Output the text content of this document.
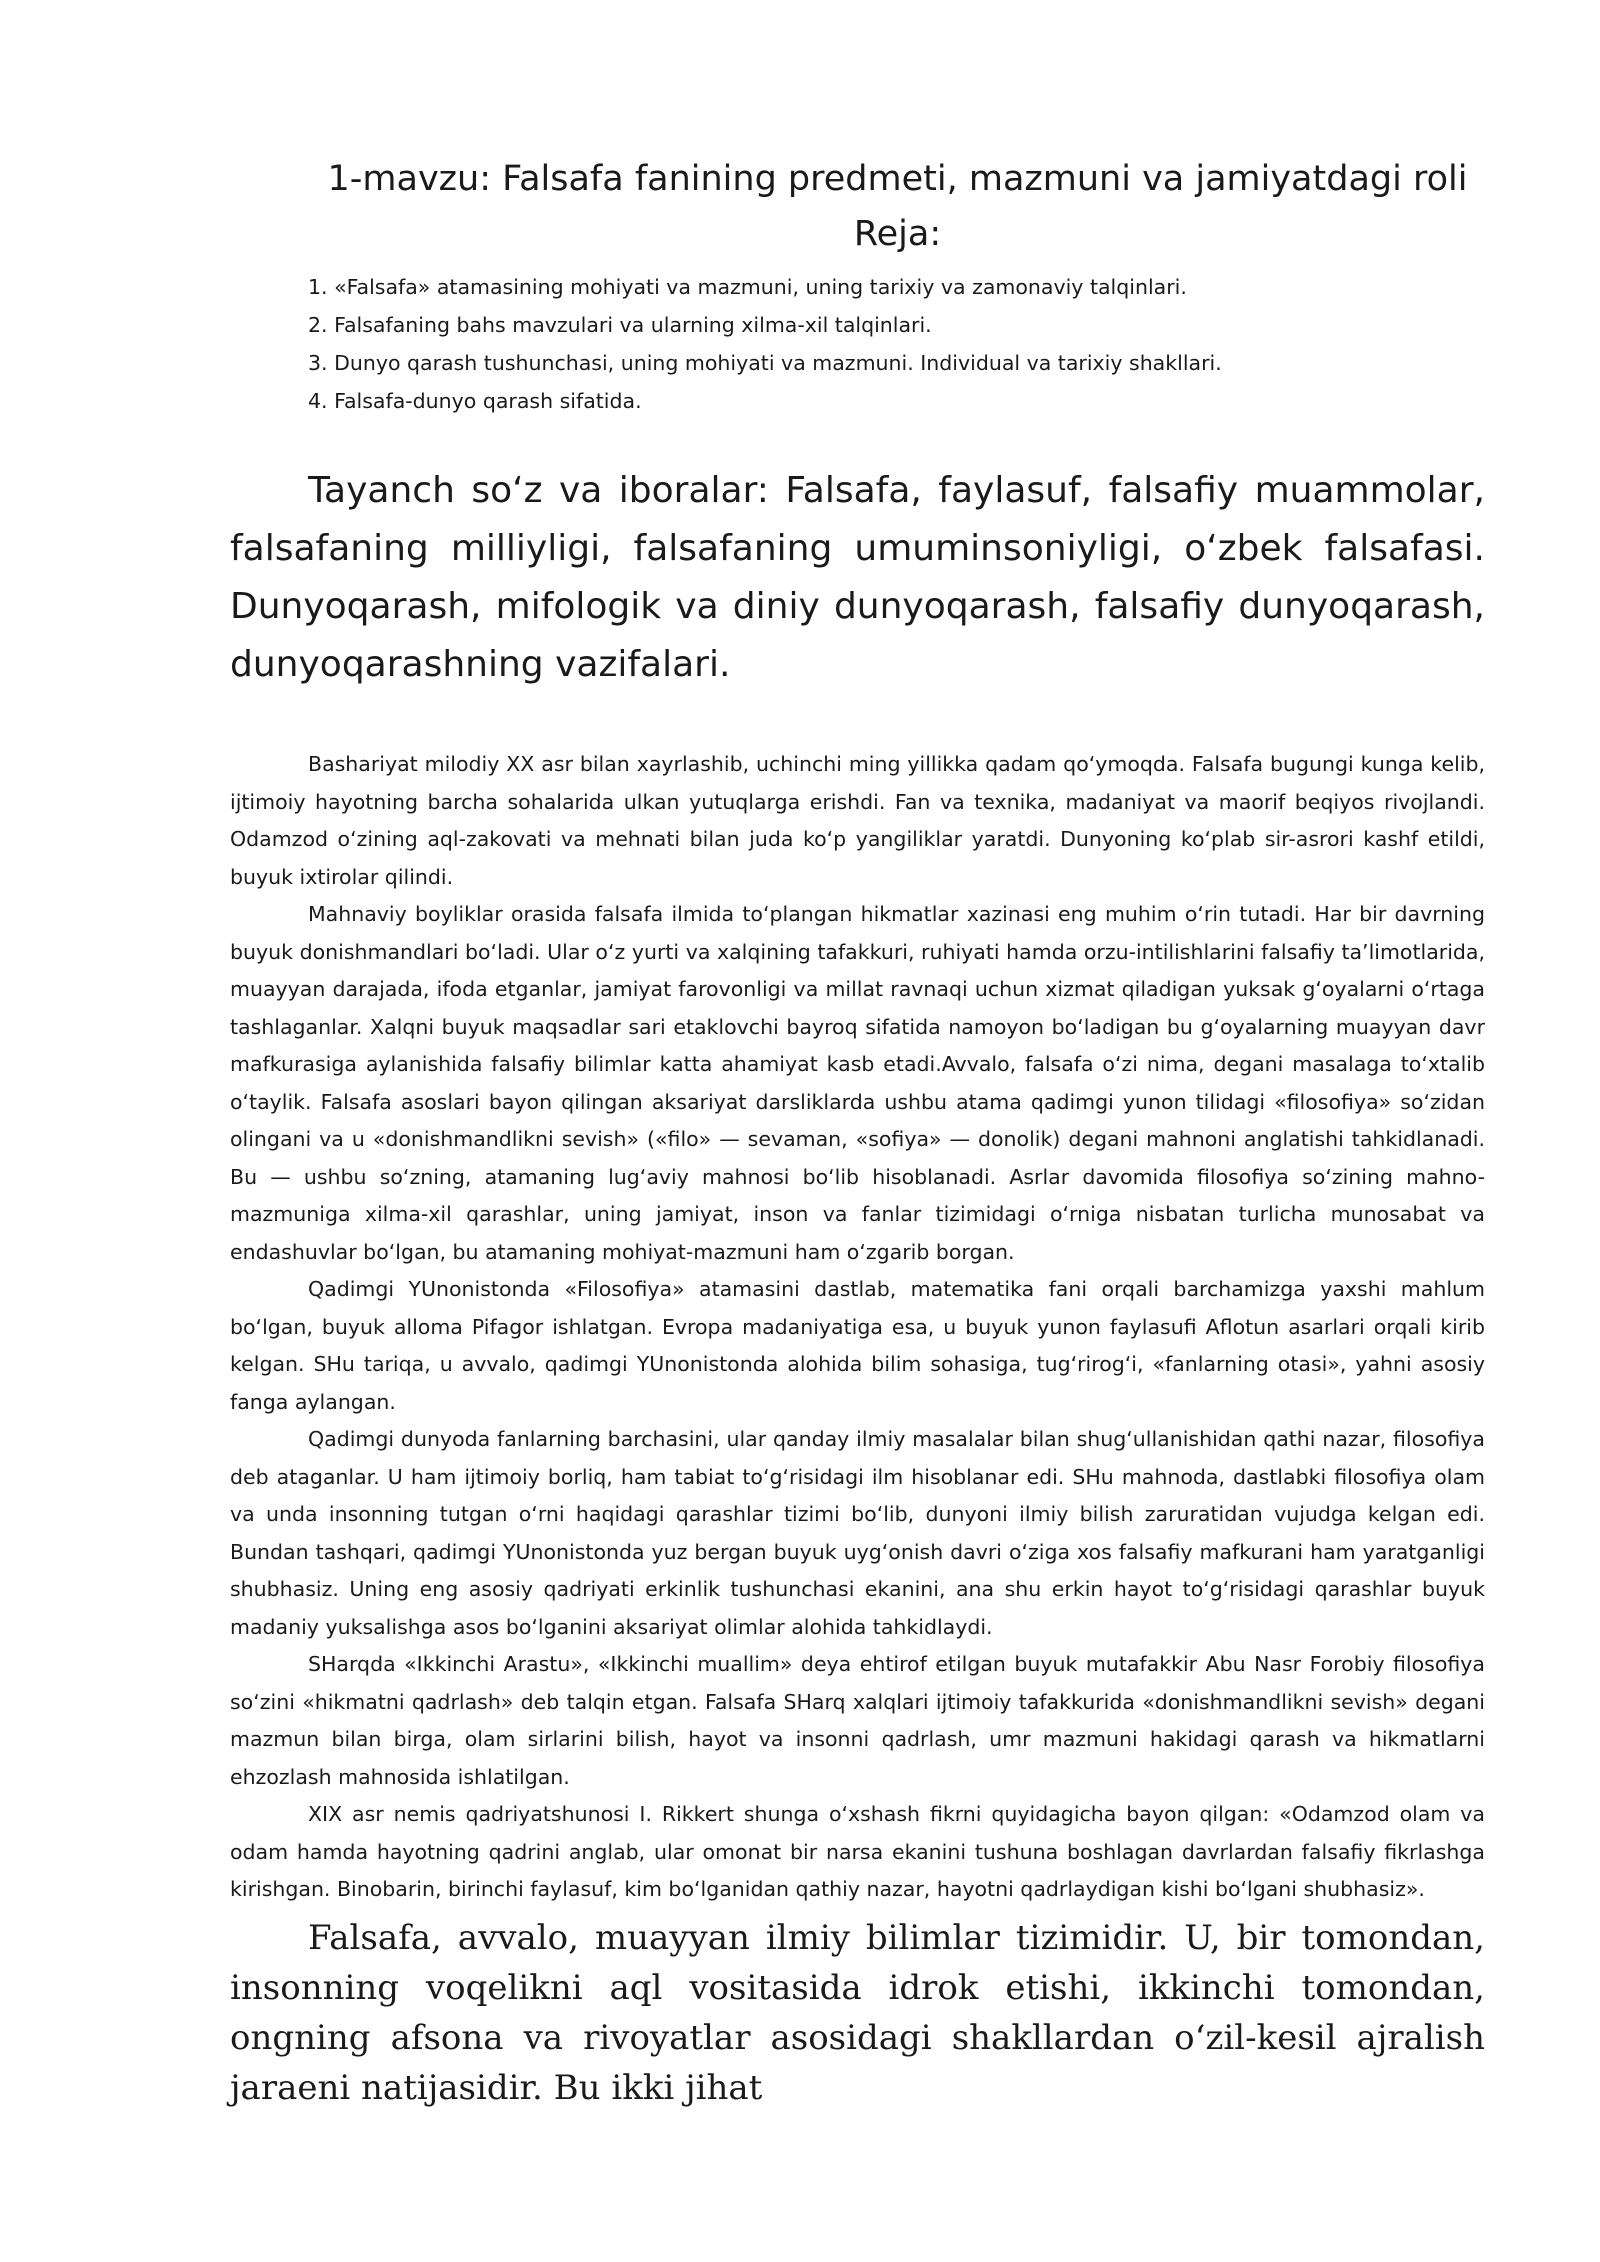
1-mavzu: Falsafa fanining predmeti, mazmuni va jamiyatdagi roli
Reja:
1. «Falsafa» atamasining mohiyati va mazmuni, uning tarixiy va zamonaviy talqinlari.
2. Falsafaning bahs mavzulari va ularning xilma-xil talqinlari.
3. Dunyo qarash tushunchasi, uning mohiyati va mazmuni. Individual va tarixiy shakllari.
4. Falsafa-dunyo qarash sifatida.

Tayanch so‘z va iboralar: Falsafa, faylasuf, falsafiy muammolar, falsafaning milliyligi, falsafaning umuminsoniyligi, o‘zbek falsafasi. Dunyoqarash, mifologik va diniy dunyoqarash, falsafiy dunyoqarash, dunyoqarashning vazifalari.

Bashariyat milodiy XX asr bilan xayrlashib, uchinchi ming yillikka qadam qo‘ymoqda. Falsafa bugungi kunga kelib, ijtimoiy hayotning barcha sohalarida ulkan yutuqlarga erishdi. Fan va texnika, madaniyat va maorif beqiyos rivojlandi. Odamzod o‘zining aql-zakovati va mehnati bilan juda ko‘p yangiliklar yaratdi. Dunyoning ko‘plab sir-asrori kashf etildi, buyuk ixtirolar qilindi.

Mahnaviy boyliklar orasida falsafa ilmida to‘plangan hikmatlar xazinasi eng muhim o‘rin tutadi. Har bir davrning buyuk donishmandlari bo‘ladi. Ular o‘z yurti va xalqining tafakkuri, ruhiyati hamda orzu-intilishlarini falsafiy ta’limotlarida, muayyan darajada, ifoda etganlar, jamiyat farovonligi va millat ravnaqi uchun xizmat qiladigan yuksak g‘oyalarni o‘rtaga tashlaganlar. Xalqni buyuk maqsadlar sari etaklovchi bayroq sifatida namoyon bo‘ladigan bu g‘oyalarning muayyan davr mafkurasiga aylanishida falsafiy bilimlar katta ahamiyat kasb etadi.Avvalo, falsafa o‘zi nima, degani masalaga to‘xtalib o‘taylik. Falsafa asoslari bayon qilingan aksariyat darsliklarda ushbu atama qadimgi yunon tilidagi «filosofiya» so‘zidan olingani va u «donishmandlikni sevish» («filo» — sevaman, «sofiya» — donolik) degani mahnoni anglatishi tahkidlanadi. Bu — ushbu so‘zning, atamaning lug‘aviy mahnosi bo‘lib hisoblanadi. Asrlar davomida filosofiya so‘zining mahno-mazmuniga xilma-xil qarashlar, uning jamiyat, inson va fanlar tizimidagi o‘rniga nisbatan turlicha munosabat va endashuvlar bo‘lgan, bu atamaning mohiyat-mazmuni ham o‘zgarib borgan.

Qadimgi YUnonistonda «Filosofiya» atamasini dastlab, matematika fani orqali barchamizga yaxshi mahlum bo‘lgan, buyuk alloma Pifagor ishlatgan. Evropa madaniyatiga esa, u buyuk yunon faylasufi Aflotun asarlari orqali kirib kelgan. SHu tariqa, u avvalo, qadimgi YUnonistonda alohida bilim sohasiga, tug‘rirog‘i, «fanlarning otasi», yahni asosiy fanga aylangan.

Qadimgi dunyoda fanlarning barchasini, ular qanday ilmiy masalalar bilan shug‘ullanishidan qathi nazar, filosofiya deb ataganlar. U ham ijtimoiy borliq, ham tabiat to‘g‘risidagi ilm hisoblanar edi. SHu mahnoda, dastlabki filosofiya olam va unda insonning tutgan o‘rni haqidagi qarashlar tizimi bo‘lib, dunyoni ilmiy bilish zaruratidan vujudga kelgan edi. Bundan tashqari, qadimgi YUnonistonda yuz bergan buyuk uyg‘onish davri o‘ziga xos falsafiy mafkurani ham yaratganligi shubhasiz. Uning eng asosiy qadriyati erkinlik tushunchasi ekanini, ana shu erkin hayot to‘g‘risidagi qarashlar buyuk madaniy yuksalishga asos bo‘lganini aksariyat olimlar alohida tahkidlaydi.

SHarqda «Ikkinchi Arastu», «Ikkinchi muallim» deya ehtirof etilgan buyuk mutafakkir Abu Nasr Forobiy filosofiya so‘zini «hikmatni qadrlash» deb talqin etgan. Falsafa SHarq xalqlari ijtimoiy tafakkurida «donishmandlikni sevish» degani mazmun bilan birga, olam sirlarini bilish, hayot va insonni qadrlash, umr mazmuni hakidagi qarash va hikmatlarni ehzozlash mahnosida ishlatilgan.

XIX asr nemis qadriyatshunosi I. Rikkert shunga o‘xshash fikrni quyidagicha bayon qilgan: «Odamzod olam va odam hamda hayotning qadrini anglab, ular omonat bir narsa ekanini tushuna boshlagan davrlardan falsafiy fikrlashga kirishgan. Binobarin, birinchi faylasuf, kim bo‘lganidan qathiy nazar, hayotni qadrlaydigan kishi bo‘lgani shubhasiz».

Falsafa, avvalo, muayyan ilmiy bilimlar tizimidir. U, bir tomondan, insonning voqelikni aql vositasida idrok etishi, ikkinchi tomondan, ongning afsona va rivoyatlar asosidagi shakllardan o‘zil-kesil ajralish jaraeni natijasidir. Bu ikki jihat
